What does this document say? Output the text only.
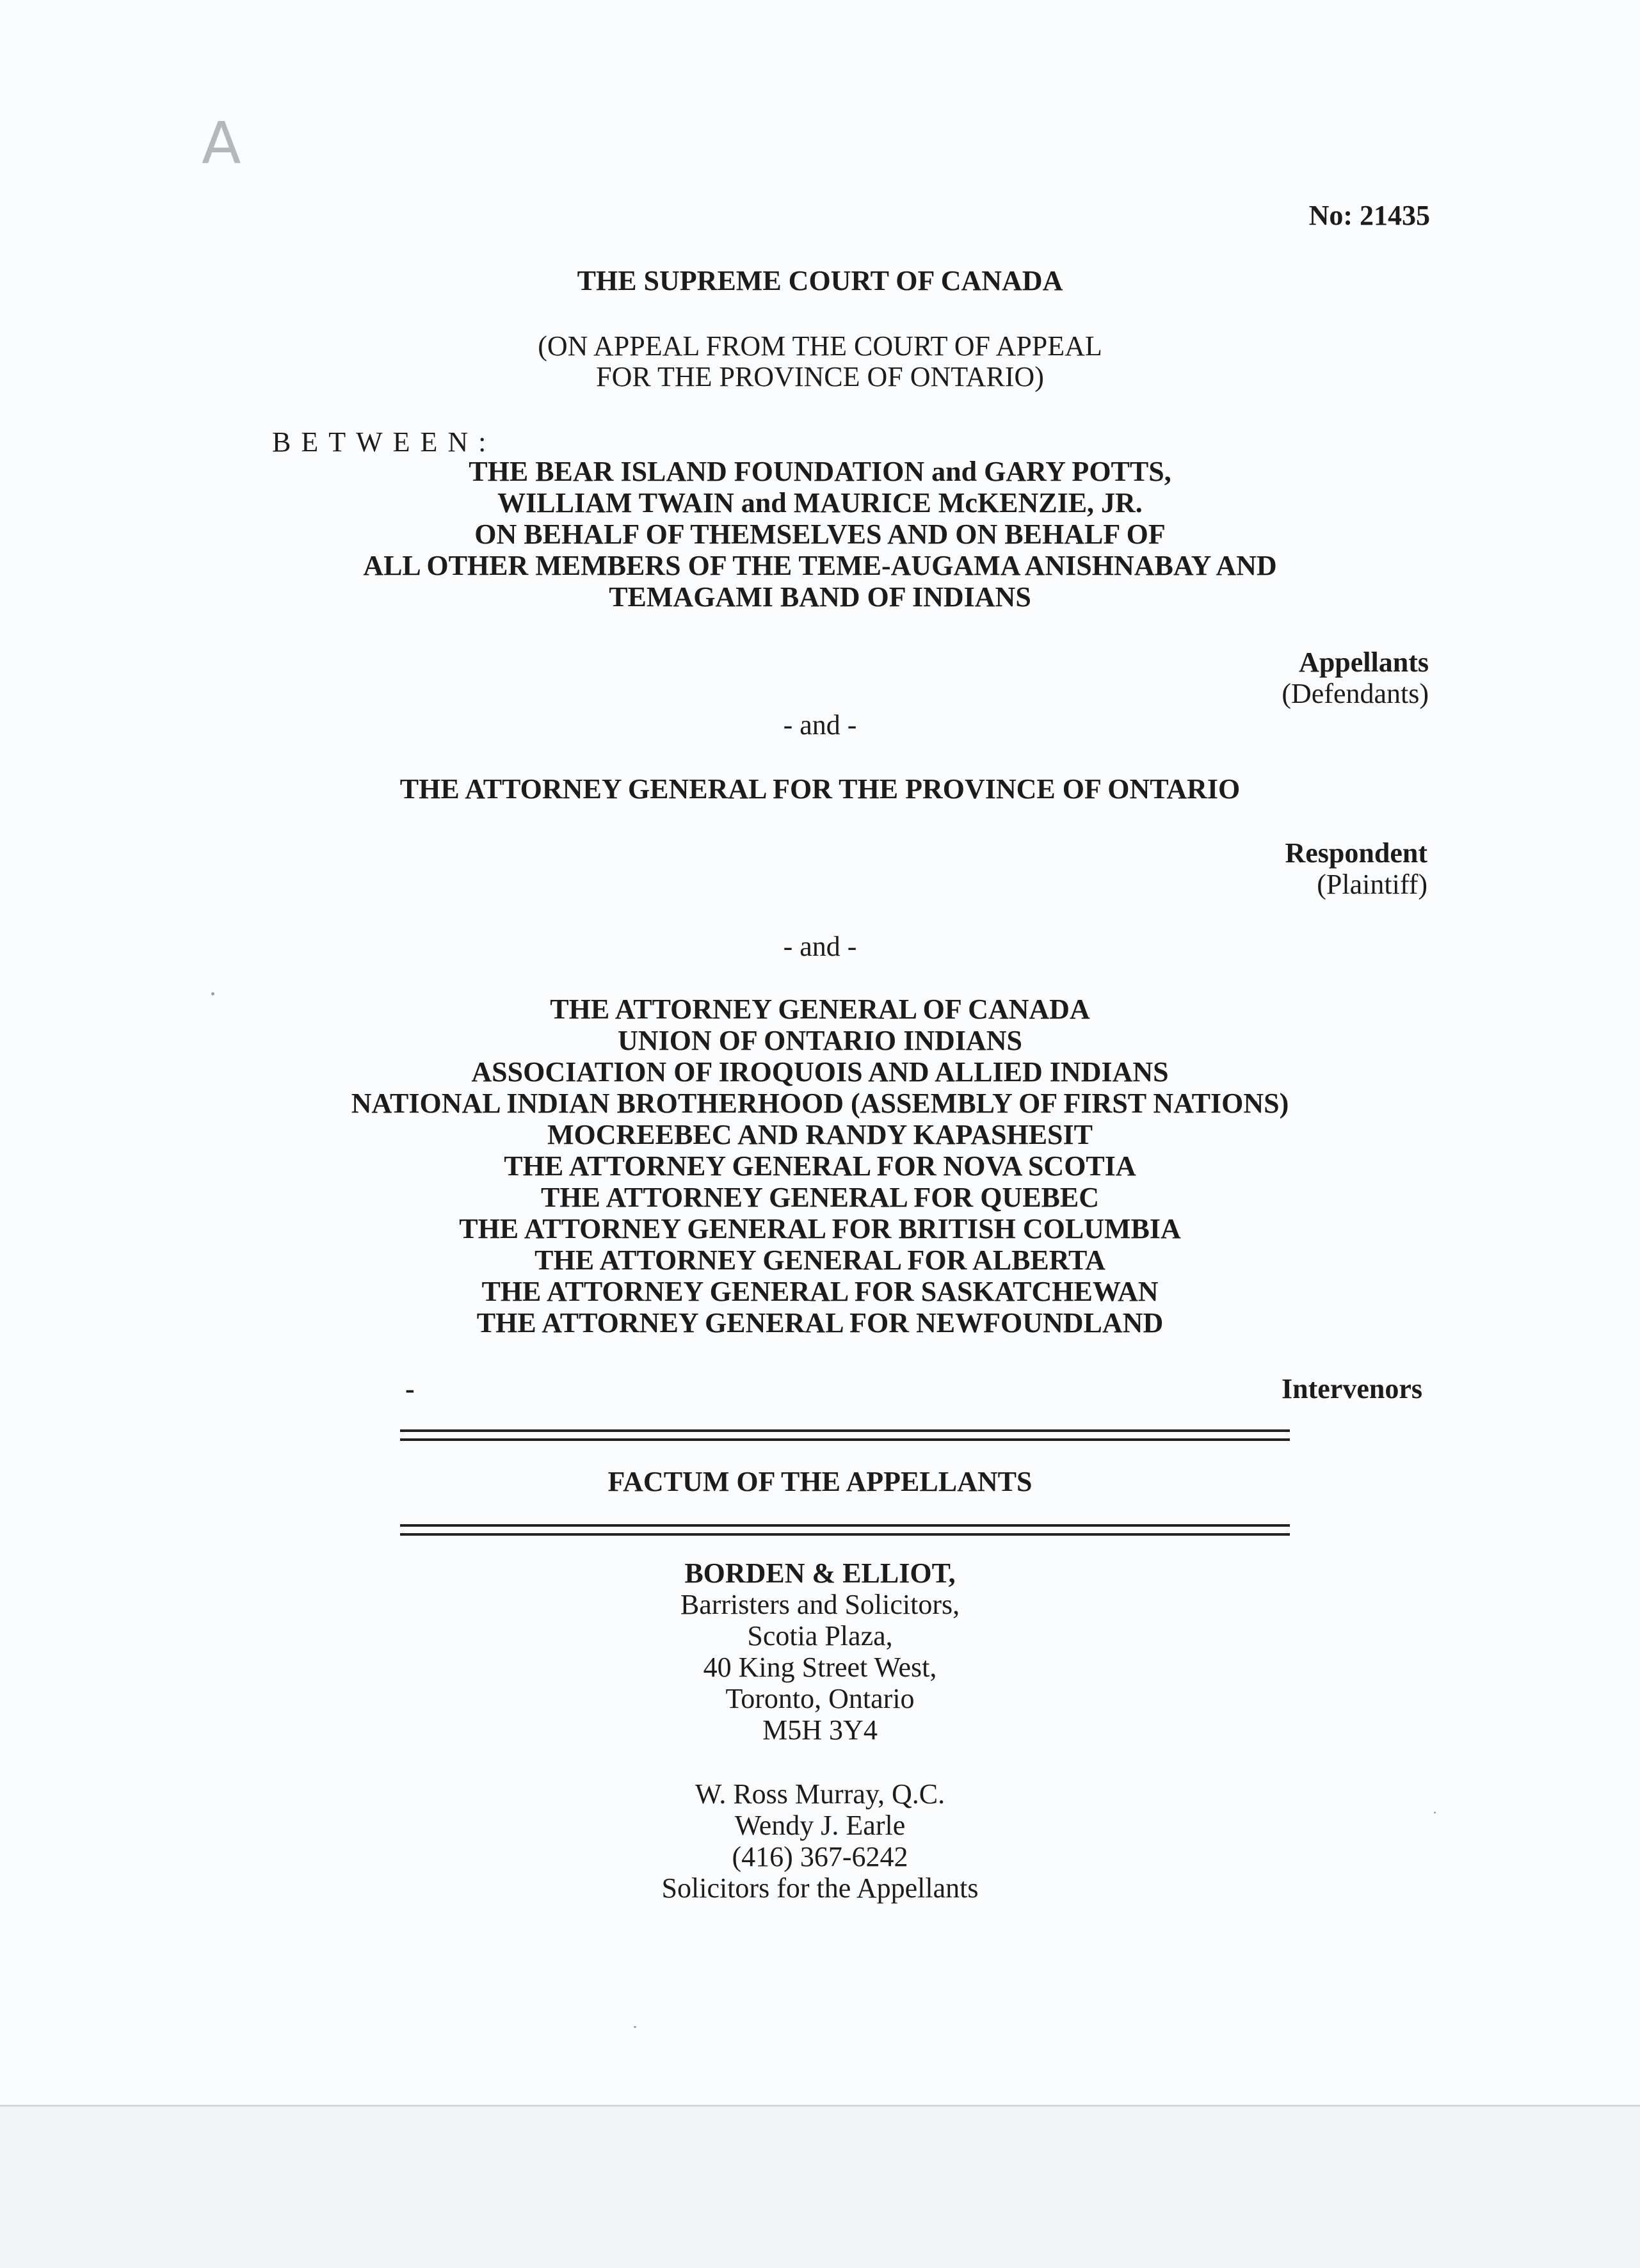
A
No: 21435
THE SUPREME COURT OF CANADA
(ON APPEAL FROM THE COURT OF APPEAL
FOR THE PROVINCE OF ONTARIO)
BETWEEN:
THE BEAR ISLAND FOUNDATION and GARY POTTS,
WILLIAM TWAIN and MAURICE McKENZIE, JR.
ON BEHALF OF THEMSELVES AND ON BEHALF OF
ALL OTHER MEMBERS OF THE TEME-AUGAMA ANISHNABAY AND
TEMAGAMI BAND OF INDIANS
Appellants
(Defendants)
- and -
THE ATTORNEY GENERAL FOR THE PROVINCE OF ONTARIO
Respondent
(Plaintiff)
- and -
THE ATTORNEY GENERAL OF CANADA
UNION OF ONTARIO INDIANS
ASSOCIATION OF IROQUOIS AND ALLIED INDIANS
NATIONAL INDIAN BROTHERHOOD (ASSEMBLY OF FIRST NATIONS)
MOCREEBEC AND RANDY KAPASHESIT
THE ATTORNEY GENERAL FOR NOVA SCOTIA
THE ATTORNEY GENERAL FOR QUEBEC
THE ATTORNEY GENERAL FOR BRITISH COLUMBIA
THE ATTORNEY GENERAL FOR ALBERTA
THE ATTORNEY GENERAL FOR SASKATCHEWAN
THE ATTORNEY GENERAL FOR NEWFOUNDLAND
-	Intervenors
FACTUM OF THE APPELLANTS
BORDEN & ELLIOT,
Barristers and Solicitors,
Scotia Plaza,
40 King Street West,
Toronto, Ontario
M5H 3Y4
W. Ross Murray, Q.C.
Wendy J. Earle
(416) 367-6242
Solicitors for the Appellants
